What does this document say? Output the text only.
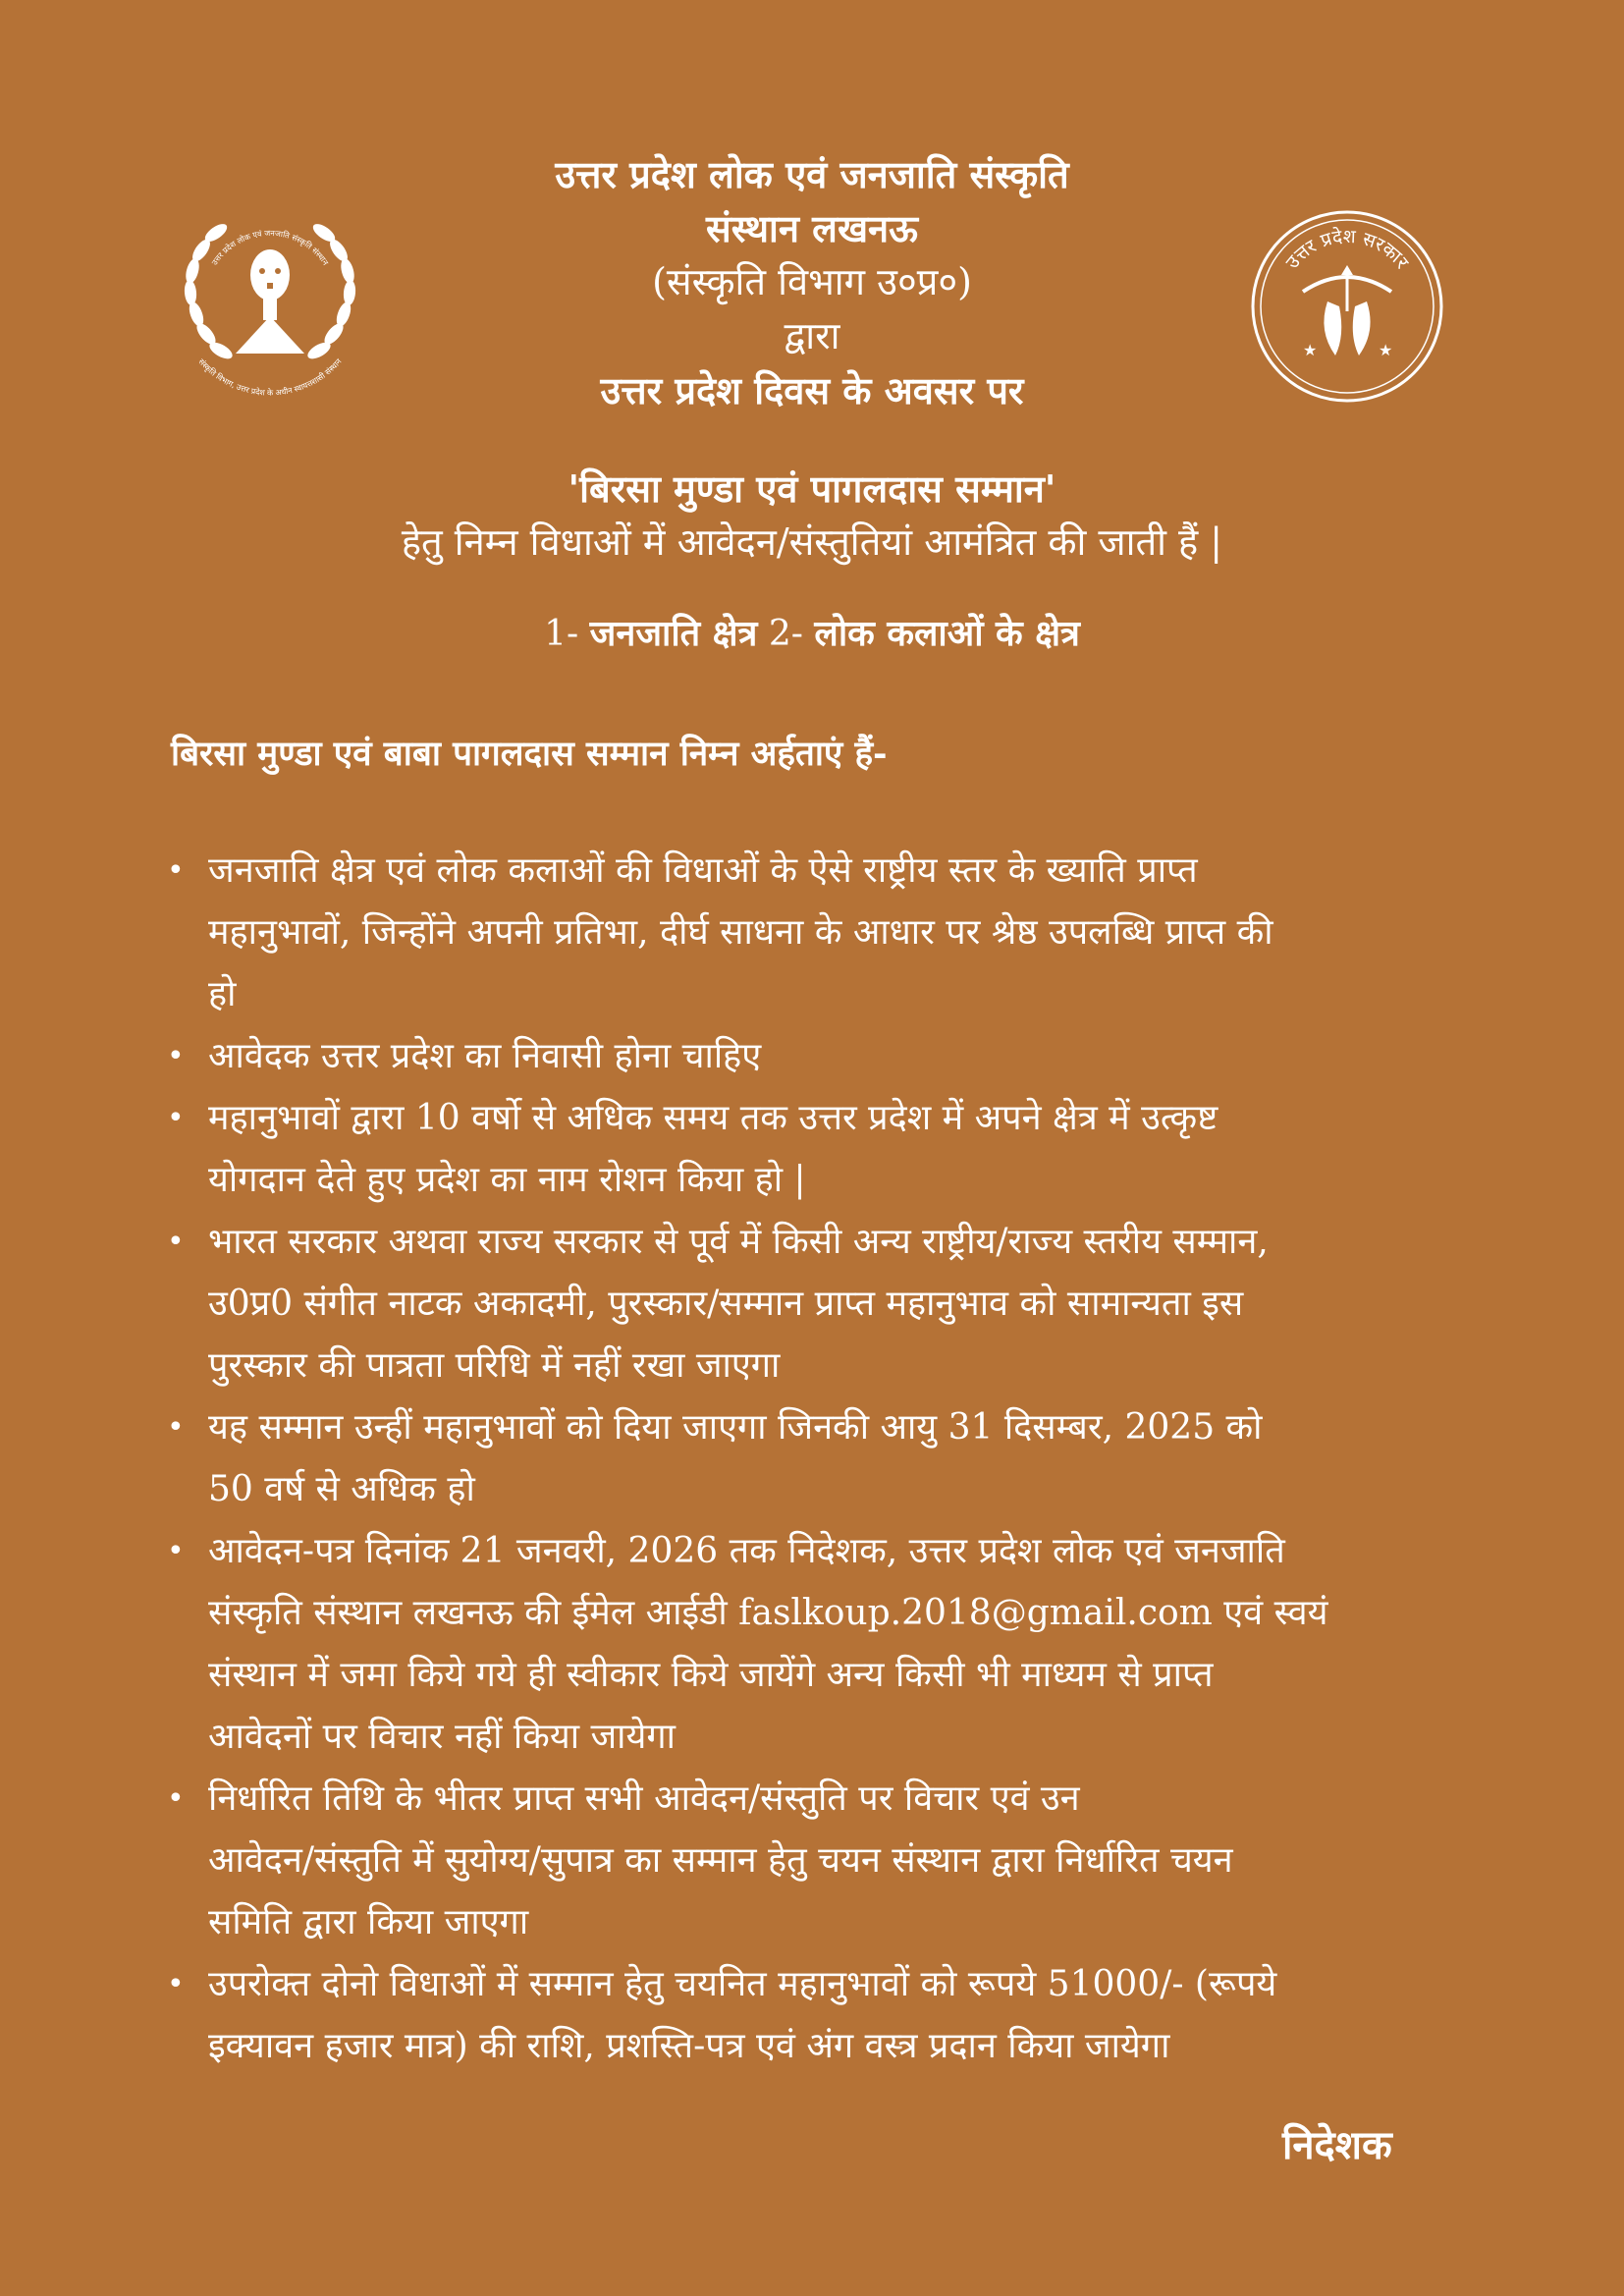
उत्तर प्रदेश लोक एवं जनजाति संस्कृति संस्थान
संस्कृति विभाग, उत्तर प्रदेश के अधीन स्वायत्तशासी संस्थान
उत्तर प्रदेश सरकार
★	★
उत्तर प्रदेश लोक एवं जनजाति संस्कृति
संस्थान लखनऊ
(संस्कृति विभाग उ०प्र०)
द्वारा
उत्तर प्रदेश दिवस के अवसर पर
'बिरसा मुण्डा एवं पागलदास सम्मान'
हेतु निम्न विधाओं में आवेदन/संस्तुतियां आमंत्रित की जाती हैं |
1- जनजाति क्षेत्र 2- लोक कलाओं के क्षेत्र
बिरसा मुण्डा एवं बाबा पागलदास सम्मान निम्न अर्हताएं हैं-
• जनजाति क्षेत्र एवं लोक कलाओं की विधाओं के ऐसे राष्ट्रीय स्तर के ख्याति प्राप्त
महानुभावों, जिन्होंने अपनी प्रतिभा, दीर्घ साधना के आधार पर श्रेष्ठ उपलब्धि प्राप्त की
हो
• आवेदक उत्तर प्रदेश का निवासी होना चाहिए
• महानुभावों द्वारा 10 वर्षो से अधिक समय तक उत्तर प्रदेश में अपने क्षेत्र में उत्कृष्ट
योगदान देते हुए प्रदेश का नाम रोशन किया हो |
• भारत सरकार अथवा राज्य सरकार से पूर्व में किसी अन्य राष्ट्रीय/राज्य स्तरीय सम्मान,
उ0प्र0 संगीत नाटक अकादमी, पुरस्कार/सम्मान प्राप्त महानुभाव को सामान्यता इस
पुरस्कार की पात्रता परिधि में नहीं रखा जाएगा
• यह सम्मान उन्हीं महानुभावों को दिया जाएगा जिनकी आयु 31 दिसम्बर, 2025 को
50 वर्ष से अधिक हो
• आवेदन-पत्र दिनांक 21 जनवरी, 2026 तक निदेशक, उत्तर प्रदेश लोक एवं जनजाति
संस्कृति संस्थान लखनऊ की ईमेल आईडी faslkoup.2018@gmail.com एवं स्वयं
संस्थान में जमा किये गये ही स्वीकार किये जायेंगे अन्य किसी भी माध्यम से प्राप्त
आवेदनों पर विचार नहीं किया जायेगा
• निर्धारित तिथि के भीतर प्राप्त सभी आवेदन/संस्तुति पर विचार एवं उन
आवेदन/संस्तुति में सुयोग्य/सुपात्र का सम्मान हेतु चयन संस्थान द्वारा निर्धारित चयन
समिति द्वारा किया जाएगा
• उपरोक्त दोनो विधाओं में सम्मान हेतु चयनित महानुभावों को रूपये 51000/- (रूपये
इक्यावन हजार मात्र) की राशि, प्रशस्ति-पत्र एवं अंग वस्त्र प्रदान किया जायेगा
निदेशक
